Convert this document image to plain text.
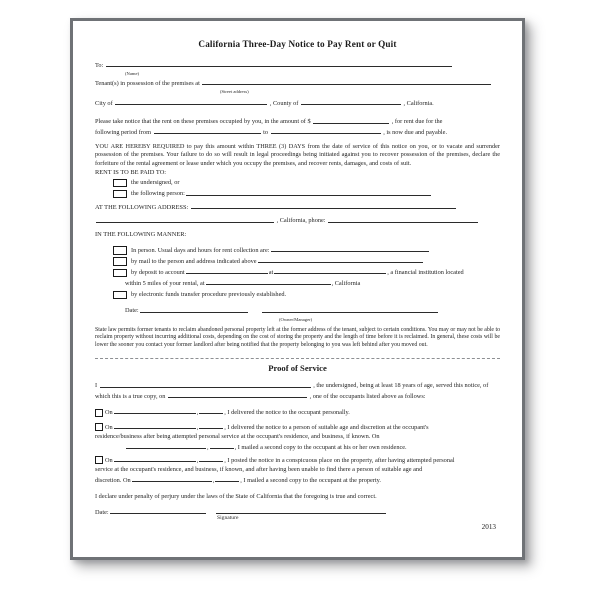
California Three-Day Notice to Pay Rent or Quit
To:
(Name)
Tenant(s) in possession of the premises at
(Street address)
City of	, County of	, California.
Please take notice that the rent on these premises occupied by you, in the amount of $	, for rent due for the
following period from	to	, is now due and payable.

YOU ARE HEREBY REQUIRED to pay this amount within THREE (3) DAYS from the date of service of this notice on you, or to vacate and surrender possession of the premises. Your failure to do so will result in legal proceedings being initiated against you to recover possession of the premises, declare the forfeiture of the rental agreement or lease under which you occupy the premises, and recover rents, damages, and costs of suit.

RENT IS TO BE PAID TO:
the undersigned, or
the following person:
AT THE FOLLOWING ADDRESS:
, California, phone:
IN THE FOLLOWING MANNER:
In person. Usual days and hours for rent collection are:
by mail to the person and address indicated above
by deposit to account	at	, a financial institution located
within 5 miles of your rental, at	, California
by electronic funds transfer procedure previously established.
Date:
(Owner/Manager)

State law permits former tenants to reclaim abandoned personal property left at the former address of the tenant, subject to certain conditions. You may or may not be able to reclaim property without incurring additional costs, depending on the cost of storing the property and the length of time before it is reclaimed. In general, these costs will be lower the sooner you contact your former landlord after being notified that the property belonging to you was left behind after you moved out.

Proof of Service
I	, the undersigned, being at least 18 years of age, served this notice, of
which this is a true copy, on	, one of the occupants listed above as follows:
On	,	, I delivered the notice to the occupant personally.
On	,	, I delivered the notice to a person of suitable age and discretion at the occupant's
residence/business after being attempted personal service at the occupant's residence, and business, if known. On
,	, I mailed a second copy to the occupant at his or her own residence.
On	,	, I posted the notice in a conspicuous place on the property, after having attempted personal
service at the occupant's residence, and business, if known, and after having been unable to find there a person of suitable age and
discretion. On	,	, I mailed a second copy to the occupant at the property.
I declare under penalty of perjury under the laws of the State of California that the foregoing is true and correct.
Date:
Signature
2013
